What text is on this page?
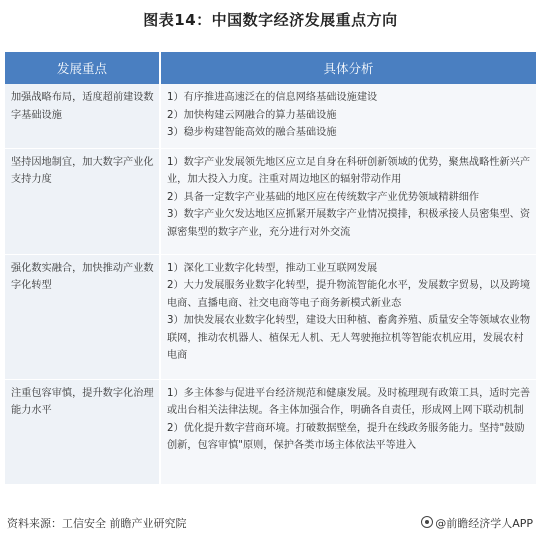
图表14：中国数字经济发展重点方向
发展重点	具体分析
加强战略布局，适度超前建设数字基础设施	1）有序推进高速泛在的信息网络基础设施建设
2）加快构建云网融合的算力基础设施
3）稳步构建智能高效的融合基础设施

坚持因地制宜，加大数字产业化支持力度	1）数字产业发展领先地区应立足自身在科研创新领域的优势，聚焦战略性新兴产业，加大投入力度。注重对周边地区的辐射带动作用
2）具备一定数字产业基础的地区应在传统数字产业优势领域精耕细作
3）数字产业欠发达地区应抓紧开展数字产业情况摸排，积极承接人员密集型、资源密集型的数字产业，充分进行对外交流

强化数实融合，加快推动产业数字化转型	1）深化工业数字化转型，推动工业互联网发展
2）大力发展服务业数字化转型，提升物流智能化水平，发展数字贸易，以及跨境电商、直播电商、社交电商等电子商务新模式新业态
3）加快发展农业数字化转型，建设大田种植、畜禽养殖、质量安全等领域农业物联网，推动农机器人、植保无人机、无人驾驶拖拉机等智能农机应用，发展农村电商

注重包容审慎，提升数字化治理能力水平	1）多主体参与促进平台经济规范和健康发展。及时梳理现有政策工具，适时完善或出台相关法律法规。各主体加强合作，明确各自责任，形成网上网下联动机制
2）优化提升数字营商环境。打破数据壁垒，提升在线政务服务能力。坚持"鼓励创新，包容审慎"原则，保护各类市场主体依法平等进入
资料来源：工信安全 前瞻产业研究院	@前瞻经济学人APP
